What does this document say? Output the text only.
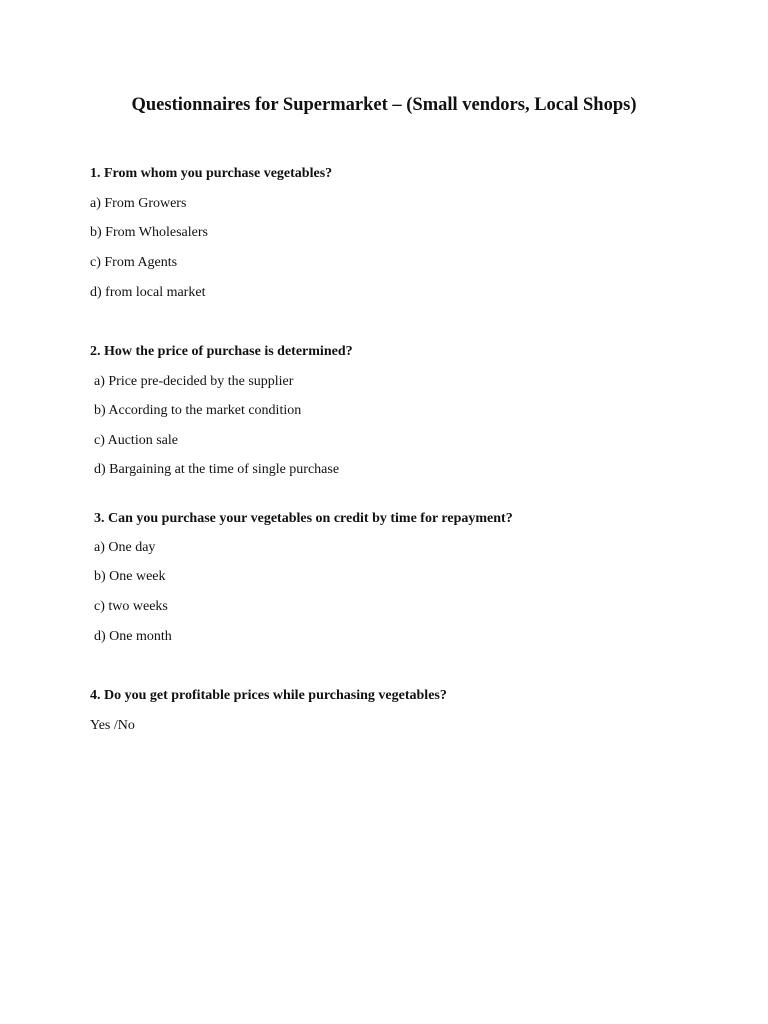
Questionnaires for Supermarket – (Small vendors, Local Shops)
1. From whom you purchase vegetables?
a) From Growers
b) From Wholesalers
c) From Agents
d) from local market
2. How the price of purchase is determined?
a) Price pre-decided by the supplier
b) According to the market condition
c) Auction sale
d) Bargaining at the time of single purchase
3. Can you purchase your vegetables on credit by time for repayment?
a) One day
b) One week
c) two weeks
d) One month
4. Do you get profitable prices while purchasing vegetables?
Yes /No
